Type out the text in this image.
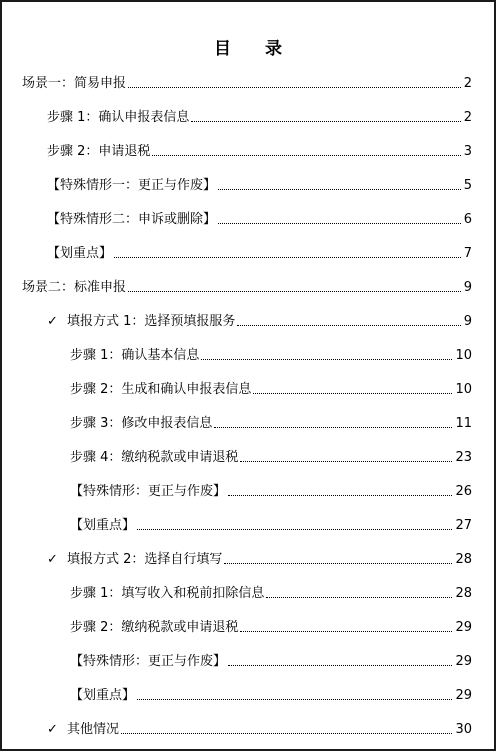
目 录
场景一：简易申报	2
步骤 1：确认申报表信息	2
步骤 2：申请退税	3
【特殊情形一：更正与作废】	5
【特殊情形二：申诉或删除】	6
【划重点】	7
场景二：标准申报	9
✓ 填报方式 1：选择预填报服务	9
步骤 1：确认基本信息	10
步骤 2：生成和确认申报表信息	10
步骤 3：修改申报表信息	11
步骤 4：缴纳税款或申请退税	23
【特殊情形：更正与作废】	26
【划重点】	27
✓ 填报方式 2：选择自行填写	28
步骤 1：填写收入和税前扣除信息	28
步骤 2：缴纳税款或申请退税	29
【特殊情形：更正与作废】	29
【划重点】	29
✓ 其他情况	30
